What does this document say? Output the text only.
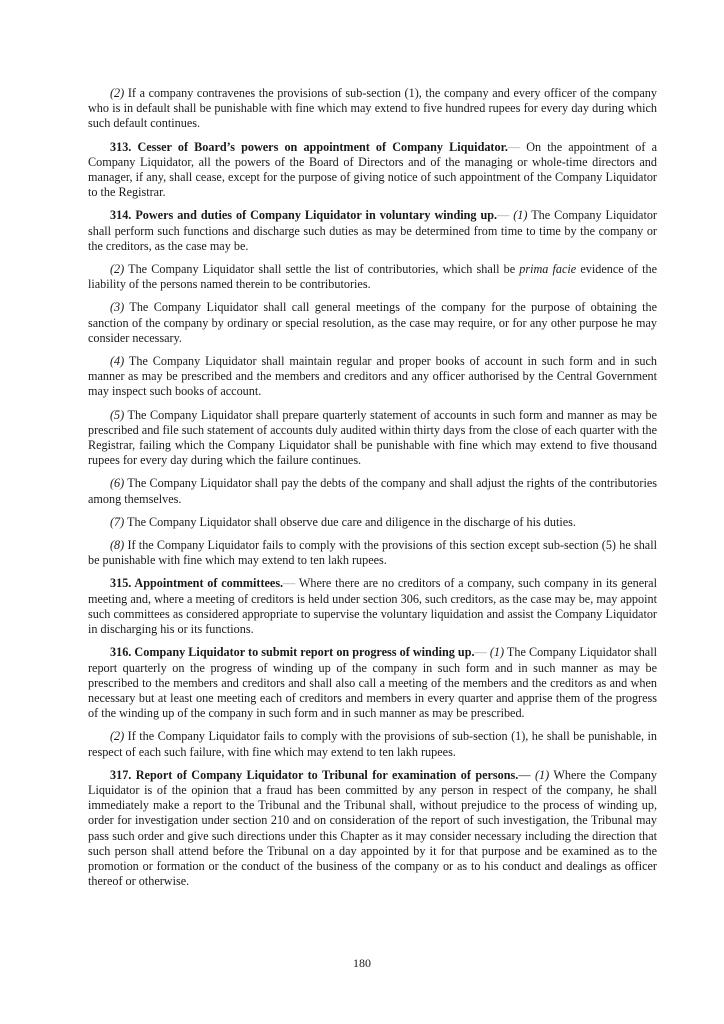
(2) If a company contravenes the provisions of sub-section (1), the company and every officer of the company who is in default shall be punishable with fine which may extend to five hundred rupees for every day during which such default continues.

313. Cesser of Board’s powers on appointment of Company Liquidator.— On the appointment of a Company Liquidator, all the powers of the Board of Directors and of the managing or whole-time directors and manager, if any, shall cease, except for the purpose of giving notice of such appointment of the Company Liquidator to the Registrar.

314. Powers and duties of Company Liquidator in voluntary winding up.— (1) The Company Liquidator shall perform such functions and discharge such duties as may be determined from time to time by the company or the creditors, as the case may be.

(2) The Company Liquidator shall settle the list of contributories, which shall be prima facie evidence of the liability of the persons named therein to be contributories.

(3) The Company Liquidator shall call general meetings of the company for the purpose of obtaining the sanction of the company by ordinary or special resolution, as the case may require, or for any other purpose he may consider necessary.

(4) The Company Liquidator shall maintain regular and proper books of account in such form and in such manner as may be prescribed and the members and creditors and any officer authorised by the Central Government may inspect such books of account.

(5) The Company Liquidator shall prepare quarterly statement of accounts in such form and manner as may be prescribed and file such statement of accounts duly audited within thirty days from the close of each quarter with the Registrar, failing which the Company Liquidator shall be punishable with fine which may extend to five thousand rupees for every day during which the failure continues.

(6) The Company Liquidator shall pay the debts of the company and shall adjust the rights of the contributories among themselves.

(7) The Company Liquidator shall observe due care and diligence in the discharge of his duties.

(8) If the Company Liquidator fails to comply with the provisions of this section except sub-section (5) he shall be punishable with fine which may extend to ten lakh rupees.

315. Appointment of committees.— Where there are no creditors of a company, such company in its general meeting and, where a meeting of creditors is held under section 306, such creditors, as the case may be, may appoint such committees as considered appropriate to supervise the voluntary liquidation and assist the Company Liquidator in discharging his or its functions.

316. Company Liquidator to submit report on progress of winding up.— (1) The Company Liquidator shall report quarterly on the progress of winding up of the company in such form and in such manner as may be prescribed to the members and creditors and shall also call a meeting of the members and the creditors as and when necessary but at least one meeting each of creditors and members in every quarter and apprise them of the progress of the winding up of the company in such form and in such manner as may be prescribed.

(2) If the Company Liquidator fails to comply with the provisions of sub-section (1), he shall be punishable, in respect of each such failure, with fine which may extend to ten lakh rupees.

317. Report of Company Liquidator to Tribunal for examination of persons.— (1) Where the Company Liquidator is of the opinion that a fraud has been committed by any person in respect of the company, he shall immediately make a report to the Tribunal and the Tribunal shall, without prejudice to the process of winding up, order for investigation under section 210 and on consideration of the report of such investigation, the Tribunal may pass such order and give such directions under this Chapter as it may consider necessary including the direction that such person shall attend before the Tribunal on a day appointed by it for that purpose and be examined as to the promotion or formation or the conduct of the business of the company or as to his conduct and dealings as officer thereof or otherwise.

180
